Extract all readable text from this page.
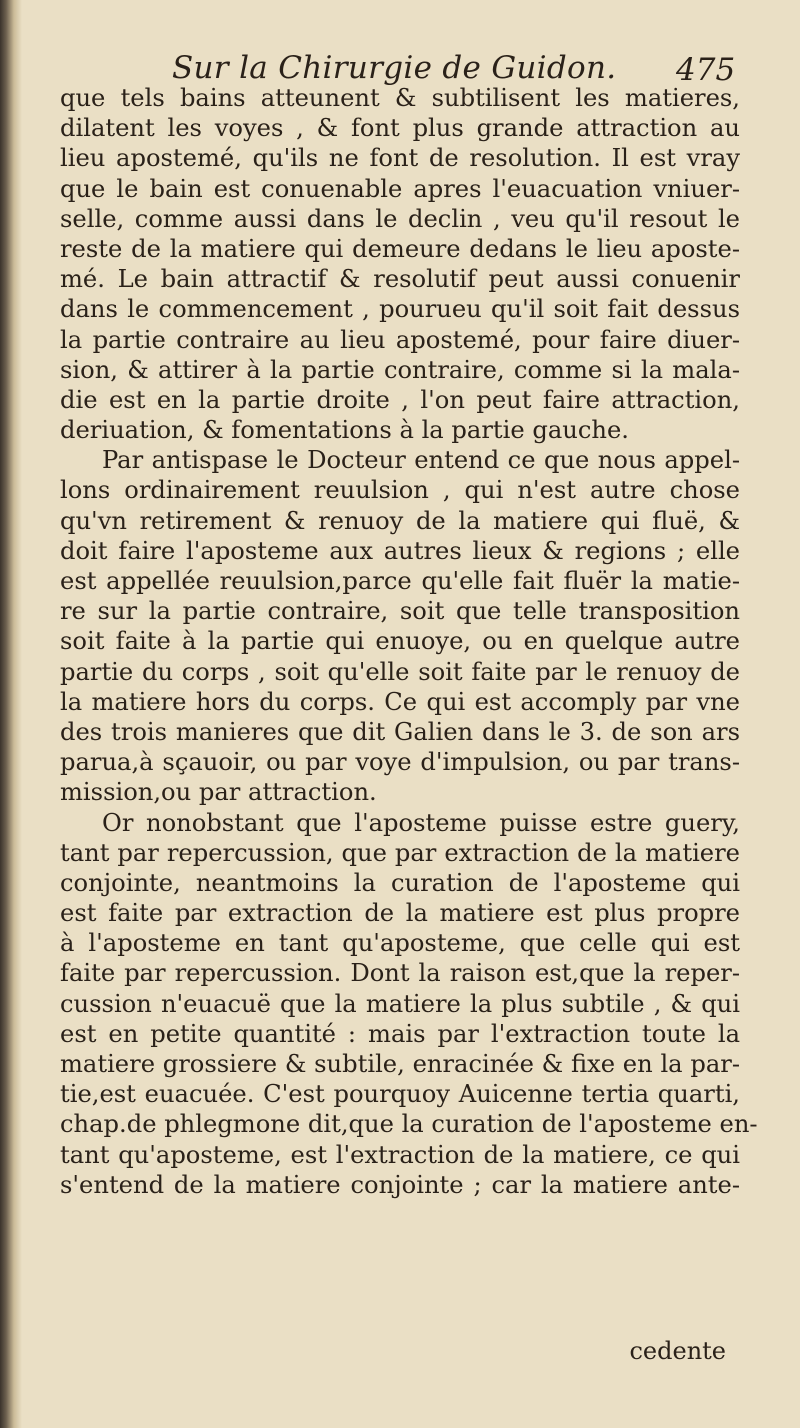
Sur la Chirurgie de Guidon. 475
que tels bains atteunent & subtilisent les matieres,
dilatent les voyes , & font plus grande attraction au
lieu apostemé, qu'ils ne font de resolution. Il est vray
que le bain est conuenable apres l'euacuation vniuer-
selle, comme aussi dans le declin , veu qu'il resout le
reste de la matiere qui demeure dedans le lieu aposte-
mé. Le bain attractif & resolutif peut aussi conuenir
dans le commencement , pourueu qu'il soit fait dessus
la partie contraire au lieu apostemé, pour faire diuer-
sion, & attirer à la partie contraire, comme si la mala-
die est en la partie droite , l'on peut faire attraction,
deriuation, & fomentations à la partie gauche.
Par antispase le Docteur entend ce que nous appel-
lons ordinairement reuulsion , qui n'est autre chose
qu'vn retirement & renuoy de la matiere qui fluë, &
doit faire l'aposteme aux autres lieux & regions ; elle
est appellée reuulsion,parce qu'elle fait fluër la matie-
re sur la partie contraire, soit que telle transposition
soit faite à la partie qui enuoye, ou en quelque autre
partie du corps , soit qu'elle soit faite par le renuoy de
la matiere hors du corps. Ce qui est accomply par vne
des trois manieres que dit Galien dans le 3. de son ars
parua,à sçauoir, ou par voye d'impulsion, ou par trans-
mission,ou par attraction.
Or nonobstant que l'aposteme puisse estre guery,
tant par repercussion, que par extraction de la matiere
conjointe, neantmoins la curation de l'aposteme qui
est faite par extraction de la matiere est plus propre
à l'aposteme en tant qu'aposteme, que celle qui est
faite par repercussion. Dont la raison est,que la reper-
cussion n'euacuë que la matiere la plus subtile , & qui
est en petite quantité : mais par l'extraction toute la
matiere grossiere & subtile, enracinée & fixe en la par-
tie,est euacuée. C'est pourquoy Auicenne tertia quarti,
chap.de phlegmone dit,que la curation de l'aposteme en-
tant qu'aposteme, est l'extraction de la matiere, ce qui
s'entend de la matiere conjointe ; car la matiere ante-
cedente
